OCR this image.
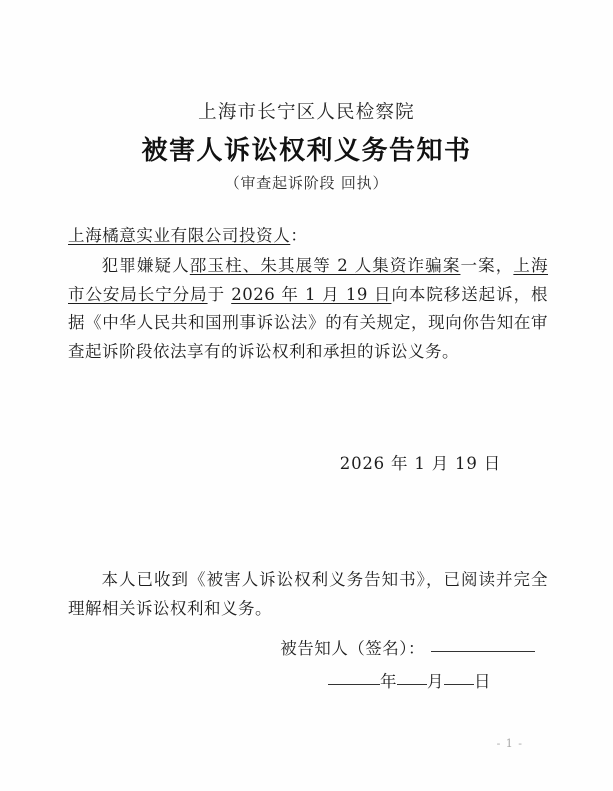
上海市长宁区人民检察院
被害人诉讼权利义务告知书
（审查起诉阶段 回执）
上海橘意实业有限公司投资人：
犯罪嫌疑人邵玉柱、朱其展等 2 人集资诈骗案一案，上海市公安局长宁分局于 2026 年 1 月 19 日向本院移送起诉，根据《中华人民共和国刑事诉讼法》的有关规定，现向你告知在审查起诉阶段依法享有的诉讼权利和承担的诉讼义务。
2026 年 1 月 19 日
本人已收到《被害人诉讼权利义务告知书》，已阅读并完全理解相关诉讼权利和义务。
被告知人（签名）：
年 月 日
- 1 -
